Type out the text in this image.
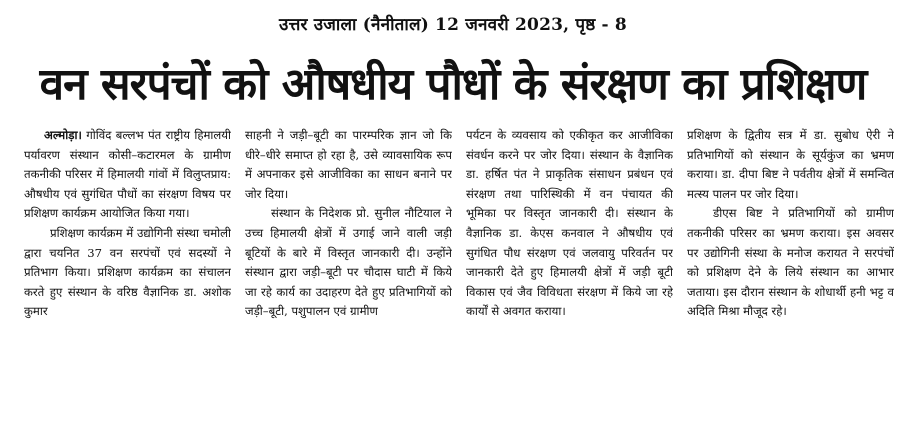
उत्तर उजाला (नैनीताल) 12 जनवरी 2023, पृष्ठ - 8
वन सरपंचों को औषधीय पौधों के संरक्षण का प्रशिक्षण

अल्मोड़ा। गोविंद बल्लभ पंत राष्ट्रीय हिमालयी पर्यावरण संस्थान कोसी–कटारमल के ग्रामीण तकनीकी परिसर में हिमालयी गांवों में विलुप्तप्राय: औषधीय एवं सुगंधित पौधों का संरक्षण विषय पर प्रशिक्षण कार्यक्रम आयोजित किया गया।

प्रशिक्षण कार्यक्रम में उद्योगिनी संस्था चमोली द्वारा चयनित 37 वन सरपंचों एवं सदस्यों ने प्रतिभाग किया। प्रशिक्षण कार्यक्रम का संचालन करते हुए संस्थान के वरिष्ठ वैज्ञानिक डा. अशोक कुमार

साहनी ने जड़ी–बूटी का पारम्परिक ज्ञान जो कि धीरे–धीरे समाप्त हो रहा है, उसे व्यावसायिक रूप में अपनाकर इसे आजीविका का साधन बनाने पर जोर दिया।

संस्थान के निदेशक प्रो. सुनील नौटियाल ने उच्च हिमालयी क्षेत्रों में उगाई जाने वाली जड़ी बूटियों के बारे में विस्तृत जानकारी दी। उन्होंने संस्थान द्वारा जड़ी–बूटी पर चौदास घाटी में किये जा रहे कार्य का उदाहरण देते हुए प्रतिभागियों को जड़ी–बूटी, पशुपालन एवं ग्रामीण

पर्यटन के व्यवसाय को एकीकृत कर आजीविका संवर्धन करने पर जोर दिया। संस्थान के वैज्ञानिक डा. हर्षित पंत ने प्राकृतिक संसाधन प्रबंधन एवं संरक्षण तथा पारिस्थिकी में वन पंचायत की भूमिका पर विस्तृत जानकारी दी। संस्थान के वैज्ञानिक डा. केएस कनवाल ने औषधीय एवं सुगंधित पौध संरक्षण एवं जलवायु परिवर्तन पर जानकारी देते हुए हिमालयी क्षेत्रों में जड़ी बूटी विकास एवं जैव विविधता संरक्षण में किये जा रहे कार्यों से अवगत कराया।

प्रशिक्षण के द्वितीय सत्र में डा. सुबोध ऐरी ने प्रतिभागियों को संस्थान के सूर्यकुंज का भ्रमण कराया। डा. दीपा बिष्ट ने पर्वतीय क्षेत्रों में समन्वित मत्स्य पालन पर जोर दिया।

डीएस बिष्ट ने प्रतिभागियों को ग्रामीण तकनीकी परिसर का भ्रमण कराया। इस अवसर पर उद्योगिनी संस्था के मनोज करायत ने सरपंचों को प्रशिक्षण देने के लिये संस्थान का आभार जताया। इस दौरान संस्थान के शोधार्थी हनी भट्ट व अदिति मिश्रा मौजूद रहे।
